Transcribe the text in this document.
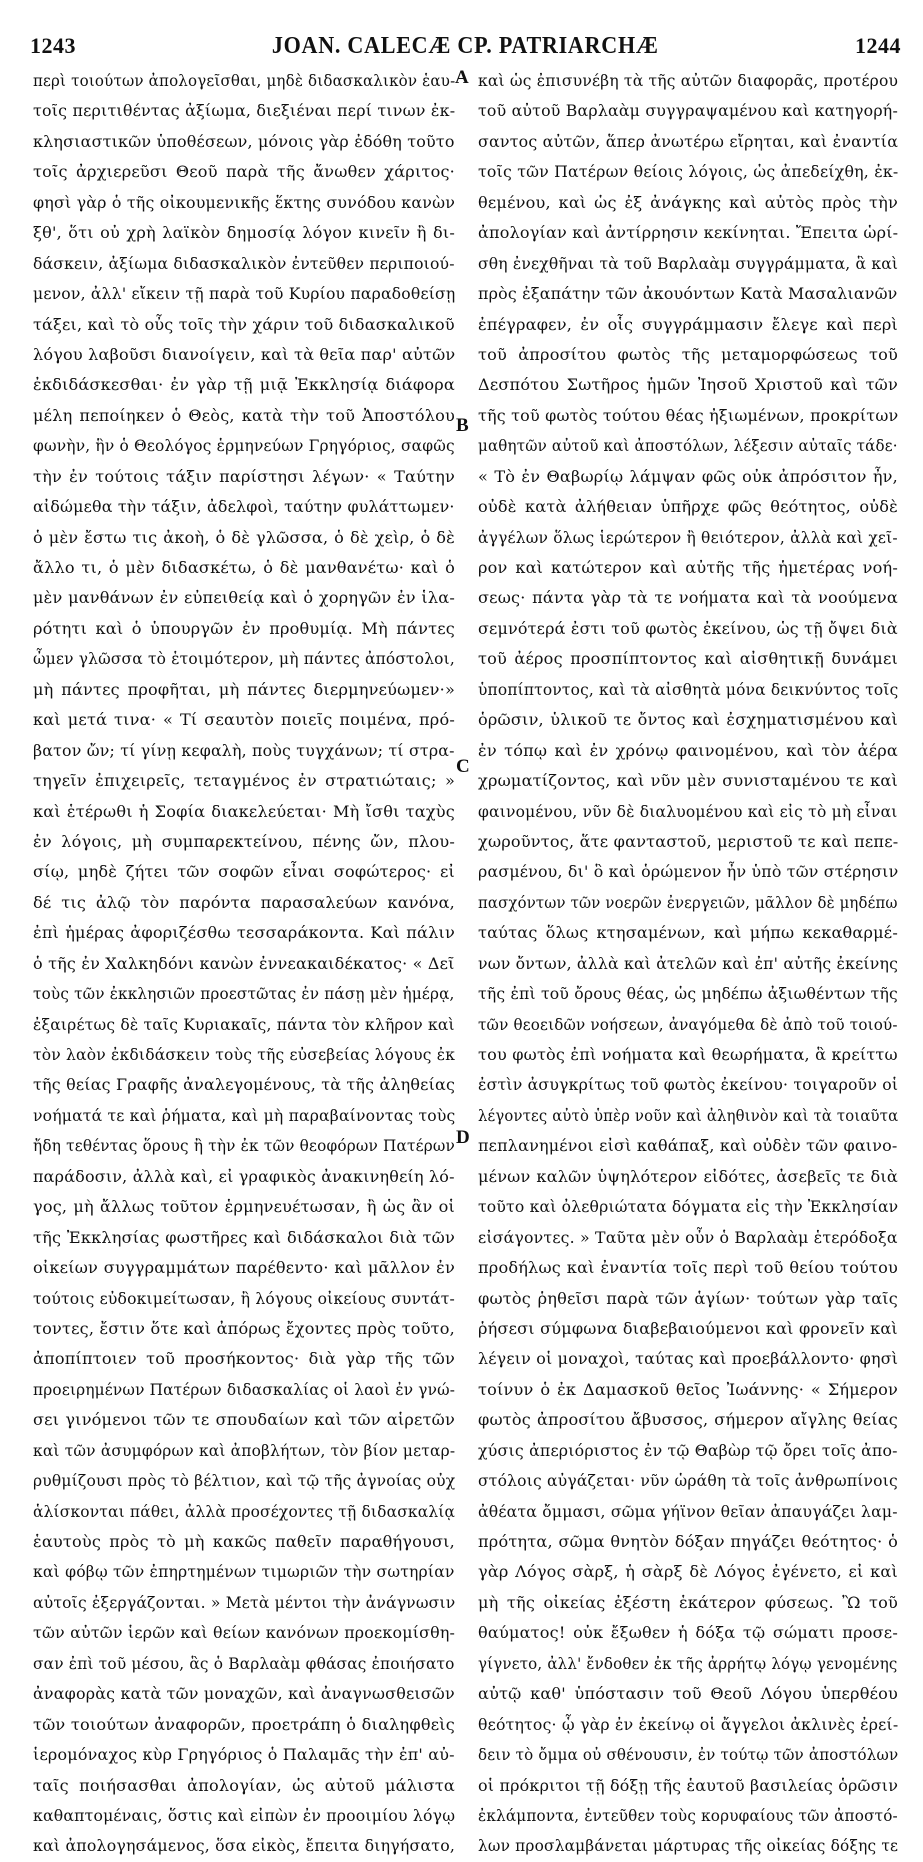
1243	JOAN. CALECÆ CP. PATRIARCHÆ	1244
περὶ τοιούτων ἀπολογεῖσθαι, μηδὲ διδασκαλικὸν ἑαυ-
τοῖς περιτιθέντας ἀξίωμα, διεξιέναι περί τινων ἐκ-
κλησιαστικῶν ὑποθέσεων, μόνοις γὰρ ἐδόθη τοῦτο
τοῖς ἀρχιερεῦσι Θεοῦ παρὰ τῆς ἄνωθεν χάριτος·
φησὶ γὰρ ὁ τῆς οἰκουμενικῆς ἕκτης συνόδου κανὼν
ξθ', ὅτι οὐ χρὴ λαϊκὸν δημοσίᾳ λόγον κινεῖν ἢ δι-
δάσκειν, ἀξίωμα διδασκαλικὸν ἐντεῦθεν περιποιού-
μενον, ἀλλ' εἴκειν τῇ παρὰ τοῦ Κυρίου παραδοθείσῃ
τάξει, καὶ τὸ οὖς τοῖς τὴν χάριν τοῦ διδασκαλικοῦ
λόγου λαβοῦσι διανοίγειν, καὶ τὰ θεῖα παρ' αὐτῶν
ἐκδιδάσκεσθαι· ἐν γὰρ τῇ μιᾷ Ἐκκλησίᾳ διάφορα
μέλη πεποίηκεν ὁ Θεὸς, κατὰ τὴν τοῦ Ἀποστόλου
φωνὴν, ἣν ὁ Θεολόγος ἑρμηνεύων Γρηγόριος, σαφῶς
τὴν ἐν τούτοις τάξιν παρίστησι λέγων· « Ταύτην
αἰδώμεθα τὴν τάξιν, ἀδελφοὶ, ταύτην φυλάττωμεν·
ὁ μὲν ἔστω τις ἀκοὴ, ὁ δὲ γλῶσσα, ὁ δὲ χεὶρ, ὁ δὲ
ἄλλο τι, ὁ μὲν διδασκέτω, ὁ δὲ μανθανέτω· καὶ ὁ
μὲν μανθάνων ἐν εὐπειθείᾳ καὶ ὁ χορηγῶν ἐν ἱλα-
ρότητι καὶ ὁ ὑπουργῶν ἐν προθυμίᾳ. Μὴ πάντες
ὦμεν γλῶσσα τὸ ἑτοιμότερον, μὴ πάντες ἀπόστολοι,
μὴ πάντες προφῆται, μὴ πάντες διερμηνεύωμεν·»
καὶ μετά τινα· « Τί σεαυτὸν ποιεῖς ποιμένα, πρό-
βατον ὤν; τί γίνῃ κεφαλὴ, ποὺς τυγχάνων; τί στρα-
τηγεῖν ἐπιχειρεῖς, τεταγμένος ἐν στρατιώταις; »
καὶ ἑτέρωθι ἡ Σοφία διακελεύεται· Μὴ ἴσθι ταχὺς
ἐν λόγοις, μὴ συμπαρεκτείνου, πένης ὤν, πλου-
σίῳ, μηδὲ ζήτει τῶν σοφῶν εἶναι σοφώτερος· εἰ
δέ τις ἀλῷ τὸν παρόντα παρασαλεύων κανόνα,
ἐπὶ ἡμέρας ἀφοριζέσθω τεσσαράκοντα. Καὶ πάλιν
ὁ τῆς ἐν Χαλκηδόνι κανὼν ἐννεακαιδέκατος· « Δεῖ
τοὺς τῶν ἐκκλησιῶν προεστῶτας ἐν πάσῃ μὲν ἡμέρᾳ,
ἐξαιρέτως δὲ ταῖς Κυριακαῖς, πάντα τὸν κλῆρον καὶ
τὸν λαὸν ἐκδιδάσκειν τοὺς τῆς εὐσεβείας λόγους ἐκ
τῆς θείας Γραφῆς ἀναλεγομένους, τὰ τῆς ἀληθείας
νοήματά τε καὶ ῥήματα, καὶ μὴ παραβαίνοντας τοὺς
ἤδη τεθέντας ὅρους ἢ τὴν ἐκ τῶν θεοφόρων Πατέρων
παράδοσιν, ἀλλὰ καὶ, εἰ γραφικὸς ἀνακινηθείη λό-
γος, μὴ ἄλλως τοῦτον ἑρμηνευέτωσαν, ἢ ὡς ἂν οἱ
τῆς Ἐκκλησίας φωστῆρες καὶ διδάσκαλοι διὰ τῶν
οἰκείων συγγραμμάτων παρέθεντο· καὶ μᾶλλον ἐν
τούτοις εὐδοκιμείτωσαν, ἢ λόγους οἰκείους συντάτ-
τοντες, ἔστιν ὅτε καὶ ἀπόρως ἔχοντες πρὸς τοῦτο,
ἀποπίπτοιεν τοῦ προσήκοντος· διὰ γὰρ τῆς τῶν
προειρημένων Πατέρων διδασκαλίας οἱ λαοὶ ἐν γνώ-
σει γινόμενοι τῶν τε σπουδαίων καὶ τῶν αἱρετῶν
καὶ τῶν ἀσυμφόρων καὶ ἀποβλήτων, τὸν βίον μεταρ-
ρυθμίζουσι πρὸς τὸ βέλτιον, καὶ τῷ τῆς ἀγνοίας οὐχ
ἁλίσκονται πάθει, ἀλλὰ προσέχοντες τῇ διδασκαλίᾳ
ἑαυτοὺς πρὸς τὸ μὴ κακῶς παθεῖν παραθήγουσι,
καὶ φόβῳ τῶν ἐπηρτημένων τιμωριῶν τὴν σωτηρίαν
αὐτοῖς ἐξεργάζονται. » Μετὰ μέντοι τὴν ἀνάγνωσιν
τῶν αὐτῶν ἱερῶν καὶ θείων κανόνων προεκομίσθη-
σαν ἐπὶ τοῦ μέσου, ἃς ὁ Βαρλαὰμ φθάσας ἐποιήσατο
ἀναφορὰς κατὰ τῶν μοναχῶν, καὶ ἀναγνωσθεισῶν
τῶν τοιούτων ἀναφορῶν, προετράπη ὁ διαληφθεὶς
ἱερομόναχος κὺρ Γρηγόριος ὁ Παλαμᾶς τὴν ἐπ' αὐ-
ταῖς ποιήσασθαι ἀπολογίαν, ὡς αὐτοῦ μάλιστα
καθαπτομέναις, ὅστις καὶ εἰπὼν ἐν προοιμίου λόγῳ
καὶ ἀπολογησάμενος, ὅσα εἰκὸς, ἔπειτα διηγήσατο,
καὶ ὡς ἐπισυνέβη τὰ τῆς αὐτῶν διαφορᾶς, προτέρου
τοῦ αὐτοῦ Βαρλαὰμ συγγραψαμένου καὶ κατηγορή-
σαντος αὐτῶν, ἅπερ ἀνωτέρω εἴρηται, καὶ ἐναντία
τοῖς τῶν Πατέρων θείοις λόγοις, ὡς ἀπεδείχθη, ἐκ-
θεμένου, καὶ ὡς ἐξ ἀνάγκης καὶ αὐτὸς πρὸς τὴν
ἀπολογίαν καὶ ἀντίρρησιν κεκίνηται. Ἔπειτα ὡρί-
σθη ἐνεχθῆναι τὰ τοῦ Βαρλαὰμ συγγράμματα, ἃ καὶ
πρὸς ἐξαπάτην τῶν ἀκουόντων Κατὰ Μασαλιανῶν
ἐπέγραφεν, ἐν οἷς συγγράμμασιν ἔλεγε καὶ περὶ
τοῦ ἀπροσίτου φωτὸς τῆς μεταμορφώσεως τοῦ
Δεσπότου Σωτῆρος ἡμῶν Ἰησοῦ Χριστοῦ καὶ τῶν
τῆς τοῦ φωτὸς τούτου θέας ἠξιωμένων, προκρίτων
μαθητῶν αὐτοῦ καὶ ἀποστόλων, λέξεσιν αὐταῖς τάδε·
« Τὸ ἐν Θαβωρίῳ λάμψαν φῶς οὐκ ἀπρόσιτον ἦν,
οὐδὲ κατὰ ἀλήθειαν ὑπῆρχε φῶς θεότητος, οὐδὲ
ἀγγέλων ὅλως ἱερώτερον ἢ θειότερον, ἀλλὰ καὶ χεῖ-
ρον καὶ κατώτερον καὶ αὐτῆς τῆς ἡμετέρας νοή-
σεως· πάντα γὰρ τὰ τε νοήματα καὶ τὰ νοούμενα
σεμνότερά ἐστι τοῦ φωτὸς ἐκείνου, ὡς τῇ ὄψει διὰ
τοῦ ἀέρος προσπίπτοντος καὶ αἰσθητικῇ δυνάμει
ὑποπίπτοντος, καὶ τὰ αἰσθητὰ μόνα δεικνύντος τοῖς
ὁρῶσιν, ὑλικοῦ τε ὄντος καὶ ἐσχηματισμένου καὶ
ἐν τόπῳ καὶ ἐν χρόνῳ φαινομένου, καὶ τὸν ἀέρα
χρωματίζοντος, καὶ νῦν μὲν συνισταμένου τε καὶ
φαινομένου, νῦν δὲ διαλυομένου καὶ εἰς τὸ μὴ εἶναι
χωροῦντος, ἅτε φανταστοῦ, μεριστοῦ τε καὶ πεπε-
ρασμένου, δι' ὃ καὶ ὁρώμενον ἦν ὑπὸ τῶν στέρησιν
πασχόντων τῶν νοερῶν ἐνεργειῶν, μᾶλλον δὲ μηδέπω
ταύτας ὅλως κτησαμένων, καὶ μήπω κεκαθαρμέ-
νων ὄντων, ἀλλὰ καὶ ἀτελῶν καὶ ἐπ' αὐτῆς ἐκείνης
τῆς ἐπὶ τοῦ ὄρους θέας, ὡς μηδέπω ἀξιωθέντων τῆς
τῶν θεοειδῶν νοήσεων, ἀναγόμεθα δὲ ἀπὸ τοῦ τοιού-
του φωτὸς ἐπὶ νοήματα καὶ θεωρήματα, ἃ κρείττω
ἐστὶν ἀσυγκρίτως τοῦ φωτὸς ἐκείνου· τοιγαροῦν οἱ
λέγοντες αὐτὸ ὑπὲρ νοῦν καὶ ἀληθινὸν καὶ τὰ τοιαῦτα
πεπλανημένοι εἰσὶ καθάπαξ, καὶ οὐδὲν τῶν φαινο-
μένων καλῶν ὑψηλότερον εἰδότες, ἀσεβεῖς τε διὰ
τοῦτο καὶ ὀλεθριώτατα δόγματα εἰς τὴν Ἐκκλησίαν
εἰσάγοντες. » Ταῦτα μὲν οὖν ὁ Βαρλαὰμ ἑτερόδοξα
προδήλως καὶ ἐναντία τοῖς περὶ τοῦ θείου τούτου
φωτὸς ῥηθεῖσι παρὰ τῶν ἁγίων· τούτων γὰρ ταῖς
ῥήσεσι σύμφωνα διαβεβαιούμενοι καὶ φρονεῖν καὶ
λέγειν οἱ μοναχοὶ, ταύτας καὶ προεβάλλοντο· φησὶ
τοίνυν ὁ ἐκ Δαμασκοῦ θεῖος Ἰωάννης· « Σήμερον
φωτὸς ἀπροσίτου ἄβυσσος, σήμερον αἴγλης θείας
χύσις ἀπεριόριστος ἐν τῷ Θαβὼρ τῷ ὄρει τοῖς ἀπο-
στόλοις αὐγάζεται· νῦν ὡράθη τὰ τοῖς ἀνθρωπίνοις
ἀθέατα ὄμμασι, σῶμα γήϊνον θεῖαν ἀπαυγάζει λαμ-
πρότητα, σῶμα θνητὸν δόξαν πηγάζει θεότητος· ὁ
γὰρ Λόγος σὰρξ, ἡ σὰρξ δὲ Λόγος ἐγένετο, εἰ καὶ
μὴ τῆς οἰκείας ἐξέστη ἑκάτερον φύσεως. Ὢ τοῦ
θαύματος! οὐκ ἔξωθεν ἡ δόξα τῷ σώματι προσε-
γίγνετο, ἀλλ' ἔνδοθεν ἐκ τῆς ἀρρήτῳ λόγῳ γενομένης
αὐτῷ καθ' ὑπόστασιν τοῦ Θεοῦ Λόγου ὑπερθέου
θεότητος· ᾧ γὰρ ἐν ἐκείνῳ οἱ ἄγγελοι ἀκλινὲς ἐρεί-
δειν τὸ ὄμμα οὐ σθένουσιν, ἐν τούτῳ τῶν ἀποστόλων
οἱ πρόκριτοι τῇ δόξῃ τῆς ἑαυτοῦ βασιλείας ὁρῶσιν
ἐκλάμποντα, ἐντεῦθεν τοὺς κορυφαίους τῶν ἀποστό-
λων προσλαμβάνεται μάρτυρας τῆς οἰκείας δόξης τε
A
B
C
D
